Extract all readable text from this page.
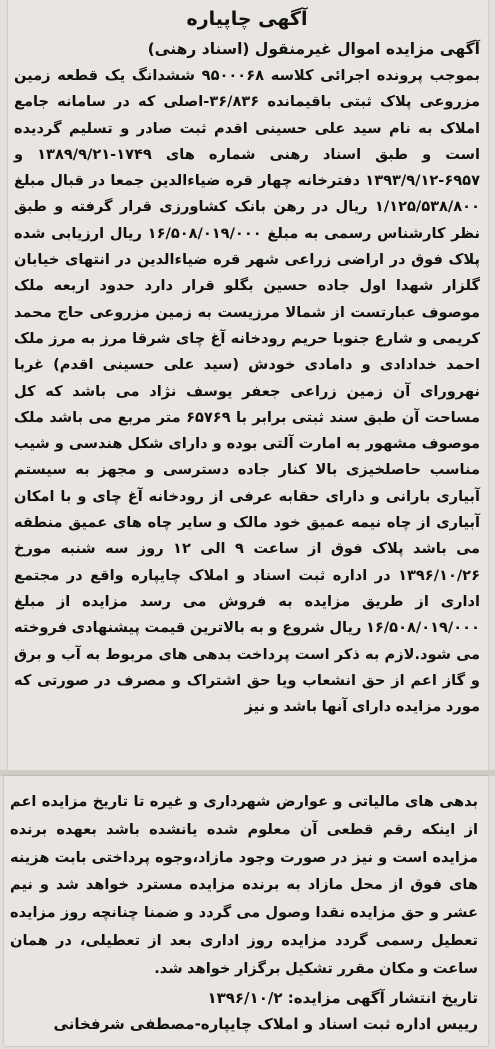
آگهی چاپیاره

آگهی مزایده اموال غیرمنقول (اسناد رهنی)

بموجب پرونده اجرائی کلاسه ۹۵۰۰۰۶۸ ششدانگ یک قطعه زمین مزروعی پلاک ثبتی باقیمانده ۳۶/۸۳۶-اصلی که در سامانه جامع املاک به نام سید علی حسینی اقدم ثبت صادر و تسلیم گردیده است و طبق اسناد رهنی شماره های ۱۷۴۹-۱۳۸۹/۹/۲۱ و ۶۹۵۷-۱۳۹۳/۹/۱۲ دفترخانه چهار قره ضیاءالدین جمعا در قبال مبلغ ۱/۱۲۵/۵۳۸/۸۰۰ ریال در رهن بانک کشاورزی قرار گرفته و طبق نظر کارشناس رسمی به مبلغ ۱۶/۵۰۸/۰۱۹/۰۰۰ ریال ارزیابی شده پلاک فوق در اراضی زراعی شهر قره ضیاءالدین در انتهای خیابان گلزار شهدا اول جاده حسین بگلو قرار دارد حدود اربعه ملک موصوف عبارتست از شمالا مرزیست به زمین مزروعی حاج محمد کریمی و شارع جنوبا حریم رودخانه آغ چای شرقا مرز به مرز ملک احمد خدادادی و دامادی خودش (سید علی حسینی اقدم) غربا نهرورای آن زمین زراعی جعفر یوسف نژاد می باشد که کل مساحت آن طبق سند ثبتی برابر با ۶۵۷۶۹ متر مربع می باشد ملک موصوف مشهور به امارت آلتی بوده و دارای شکل هندسی و شیب مناسب حاصلخیزی بالا کنار جاده دسترسی و مجهز به سیستم آبیاری بارانی و دارای حقابه عرفی از رودخانه آغ چای و با امکان آبیاری از چاه نیمه عمیق خود مالک و سایر چاه های عمیق منطقه می باشد پلاک فوق از ساعت ۹ الی ۱۲ روز سه شنبه مورخ ۱۳۹۶/۱۰/۲۶ در اداره ثبت اسناد و املاک چایپاره واقع در مجتمع اداری از طریق مزایده به فروش می رسد مزایده از مبلغ ۱۶/۵۰۸/۰۱۹/۰۰۰ ریال شروع و به بالاترین قیمت پیشنهادی فروخته می شود.لازم به ذکر است پرداخت بدهی های مربوط به آب و برق و گاز اعم از حق انشعاب ویا حق اشتراک و مصرف در صورتی که مورد مزایده دارای آنها باشد و نیز

بدهی های مالیاتی و عوارض شهرداری و غیره تا تاریخ مزایده اعم از اینکه رقم قطعی آن معلوم شده یانشده باشد بعهده برنده مزایده است و نیز در صورت وجود مازاد،وجوه پرداختی بابت هزینه های فوق از محل مازاد به برنده مزایده مسترد خواهد شد و نیم عشر و حق مزایده نقدا وصول می گردد و ضمنا چنانچه روز مزایده تعطیل رسمی گردد مزایده روز اداری بعد از تعطیلی، در همان ساعت و مکان مقرر تشکیل برگزار خواهد شد.

تاریخ انتشار آگهی مزایده: ۱۳۹۶/۱۰/۲

رییس اداره ثبت اسناد و املاک چایپاره-مصطفی شرفخانی
